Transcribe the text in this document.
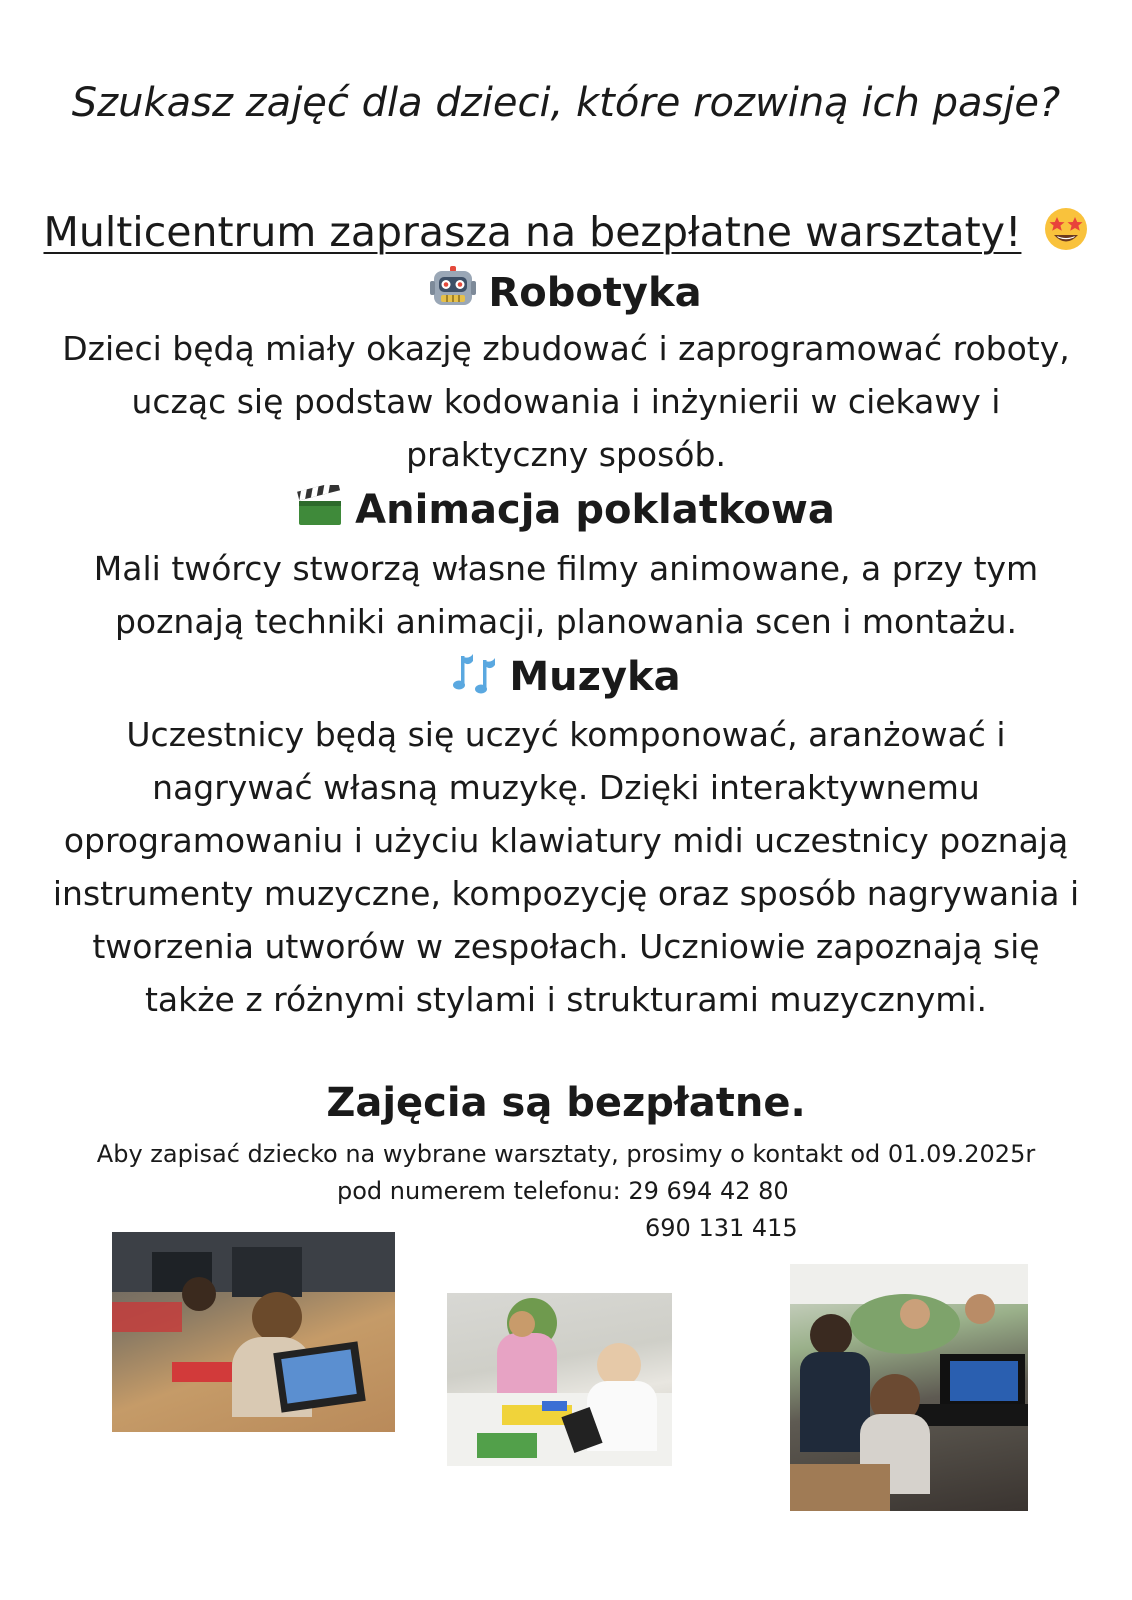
Szukasz zajęć dla dzieci, które rozwiną ich pasje?

Multicentrum zaprasza na bezpłatne warsztaty!

Robotyka

Dzieci będą miały okazję zbudować i zaprogramować roboty,
ucząc się podstaw kodowania i inżynierii w ciekawy i
praktyczny sposób.

Animacja poklatkowa

Mali twórcy stworzą własne filmy animowane, a przy tym
poznają techniki animacji, planowania scen i montażu.

Muzyka

Uczestnicy będą się uczyć komponować, aranżować i
nagrywać własną muzykę. Dzięki interaktywnemu
oprogramowaniu i użyciu klawiatury midi uczestnicy poznają
instrumenty muzyczne, kompozycję oraz sposób nagrywania i
tworzenia utworów w zespołach. Uczniowie zapoznają się
także z różnymi stylami i strukturami muzycznymi.

Zajęcia są bezpłatne.

Aby zapisać dziecko na wybrane warsztaty, prosimy o kontakt od 01.09.2025r

pod numerem telefonu: 29 694 42 80

690 131 415
